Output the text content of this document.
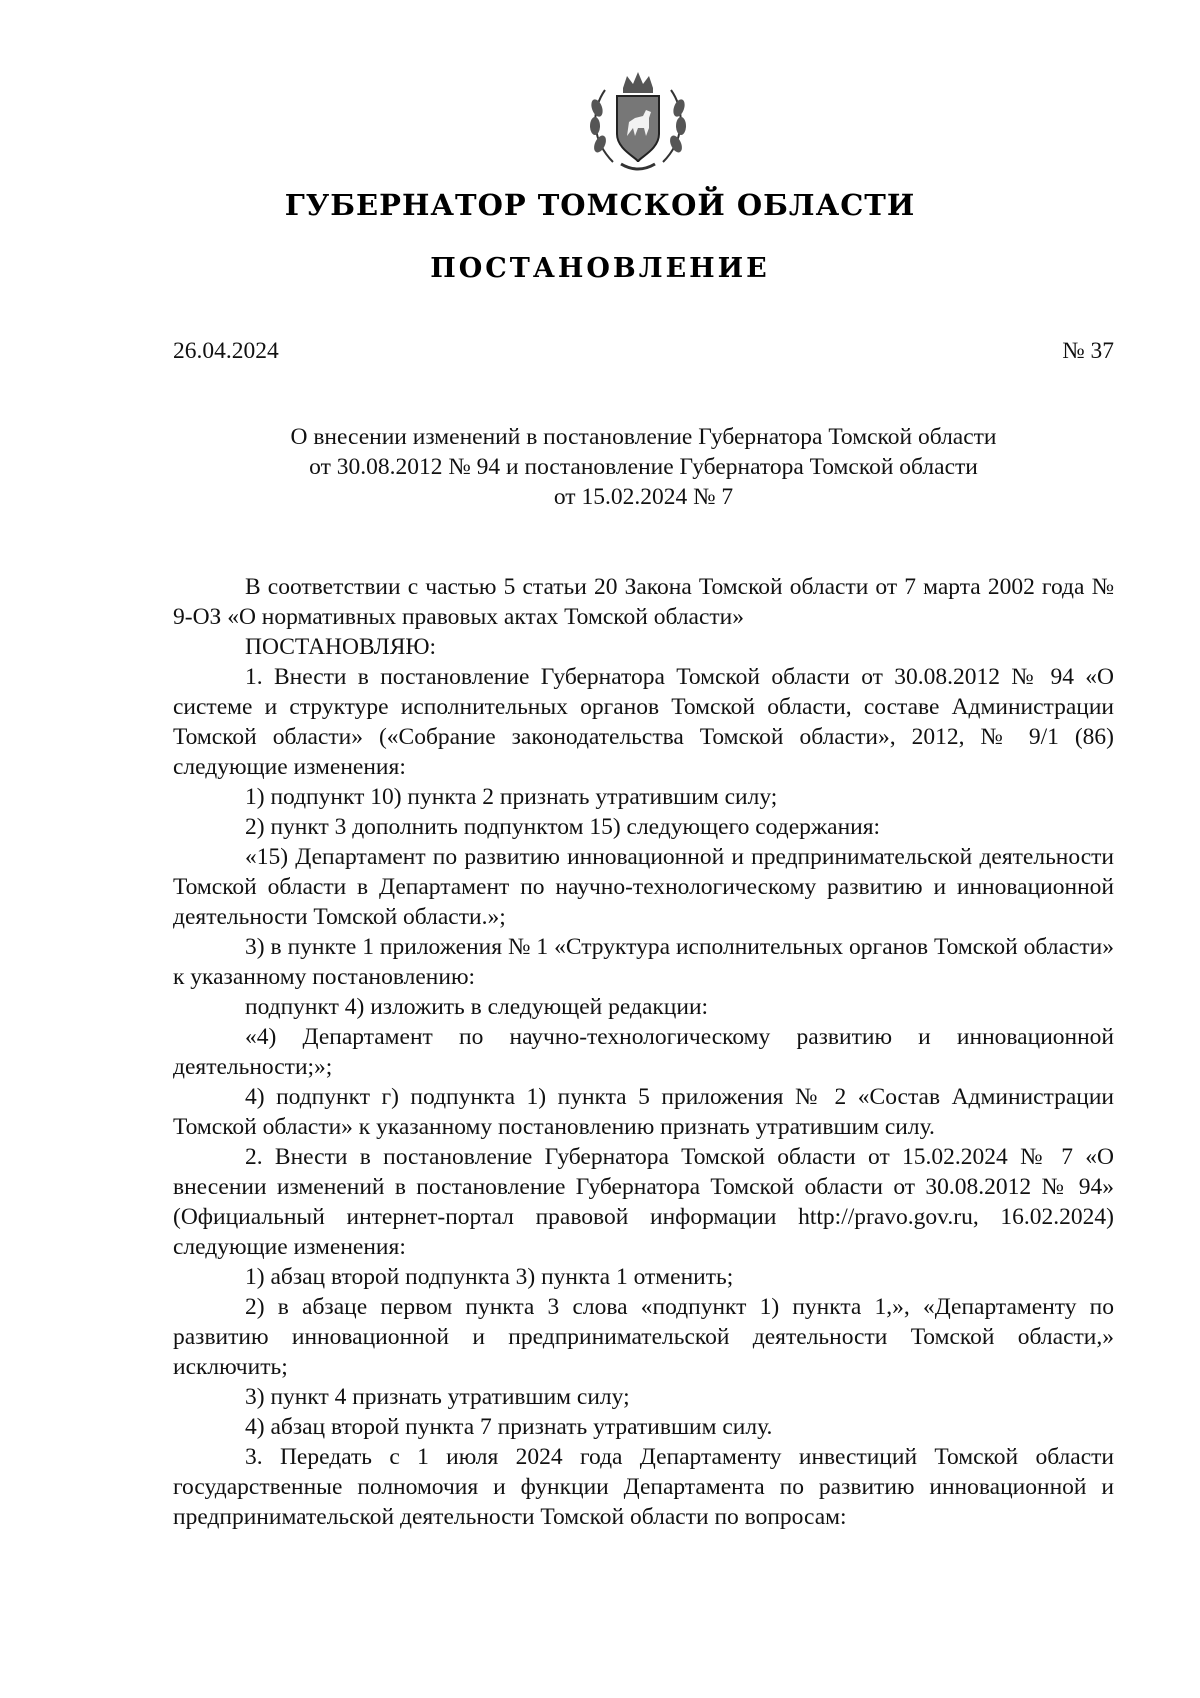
ГУБЕРНАТОР ТОМСКОЙ ОБЛАСТИ
ПОСТАНОВЛЕНИЕ
26.04.2024	№ 37
О внесении изменений в постановление Губернатора Томской области
от 30.08.2012 № 94 и постановление Губернатора Томской области
от 15.02.2024 № 7

В соответствии с частью 5 статьи 20 Закона Томской области от 7 марта 2002 года № 9-ОЗ «О нормативных правовых актах Томской области»

ПОСТАНОВЛЯЮ:

1. Внести в постановление Губернатора Томской области от 30.08.2012 № 94 «О системе и структуре исполнительных органов Томской области, составе Администрации Томской области» («Собрание законодательства Томской области», 2012, № 9/1 (86) следующие изменения:

1) подпункт 10) пункта 2 признать утратившим силу;

2) пункт 3 дополнить подпунктом 15) следующего содержания:

«15) Департамент по развитию инновационной и предпринимательской деятельности Томской области в Департамент по научно-технологическому развитию и инновационной деятельности Томской области.»;

3) в пункте 1 приложения № 1 «Структура исполнительных органов Томской области» к указанному постановлению:

подпункт 4) изложить в следующей редакции:

«4) Департамент по научно-технологическому развитию и инновационной деятельности;»;

4) подпункт г) подпункта 1) пункта 5 приложения № 2 «Состав Администрации Томской области» к указанному постановлению признать утратившим силу.

2. Внести в постановление Губернатора Томской области от 15.02.2024 № 7 «О внесении изменений в постановление Губернатора Томской области от 30.08.2012 № 94» (Официальный интернет-портал правовой информации http://pravo.gov.ru, 16.02.2024) следующие изменения:

1) абзац второй подпункта 3) пункта 1 отменить;

2) в абзаце первом пункта 3 слова «подпункт 1) пункта 1,», «Департаменту по развитию инновационной и предпринимательской деятельности Томской области,» исключить;

3) пункт 4 признать утратившим силу;

4) абзац второй пункта 7 признать утратившим силу.

3. Передать с 1 июля 2024 года Департаменту инвестиций Томской области государственные полномочия и функции Департамента по развитию инновационной и предпринимательской деятельности Томской области по вопросам:
